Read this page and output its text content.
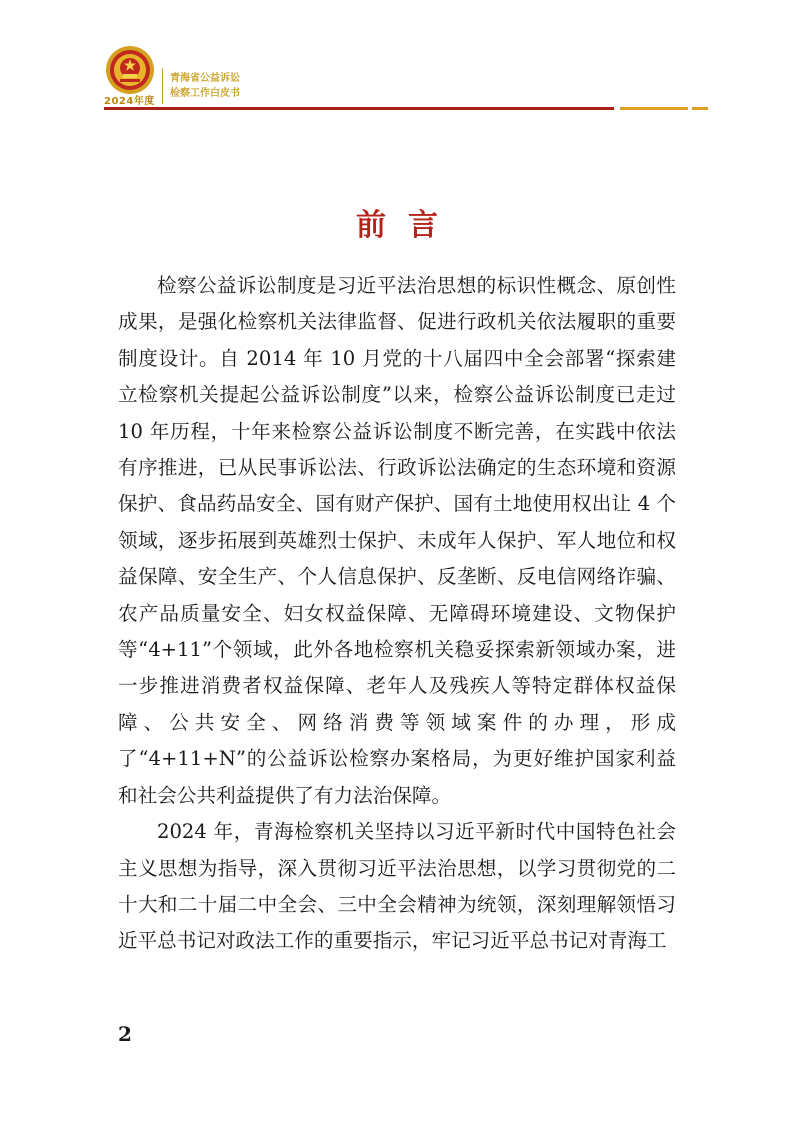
2024年度
青海省公益诉讼
检察工作白皮书
前言

检察公益诉讼制度是习近平法治思想的标识性概念、原创性成果，是强化检察机关法律监督、促进行政机关依法履职的重要制度设计。自 2014 年 10 月党的十八届四中全会部署“探索建立检察机关提起公益诉讼制度”以来，检察公益诉讼制度已走过 10 年历程，十年来检察公益诉讼制度不断完善，在实践中依法有序推进，已从民事诉讼法、行政诉讼法确定的生态环境和资源保护、食品药品安全、国有财产保护、国有土地使用权出让 4 个领域，逐步拓展到英雄烈士保护、未成年人保护、军人地位和权益保障、安全生产、个人信息保护、反垄断、反电信网络诈骗、农产品质量安全、妇女权益保障、无障碍环境建设、文物保护等“4+11”个领域，此外各地检察机关稳妥探索新领域办案，进一步推进消费者权益保障、老年人及残疾人等特定群体权益保障、公共安全、网络消费等领域案件的办理，形成了“4+11+N”的公益诉讼检察办案格局，为更好维护国家利益和社会公共利益提供了有力法治保障。

2024 年，青海检察机关坚持以习近平新时代中国特色社会主义思想为指导，深入贯彻习近平法治思想，以学习贯彻党的二十大和二十届二中全会、三中全会精神为统领，深刻理解领悟习近平总书记对政法工作的重要指示，牢记习近平总书记对青海工

2
